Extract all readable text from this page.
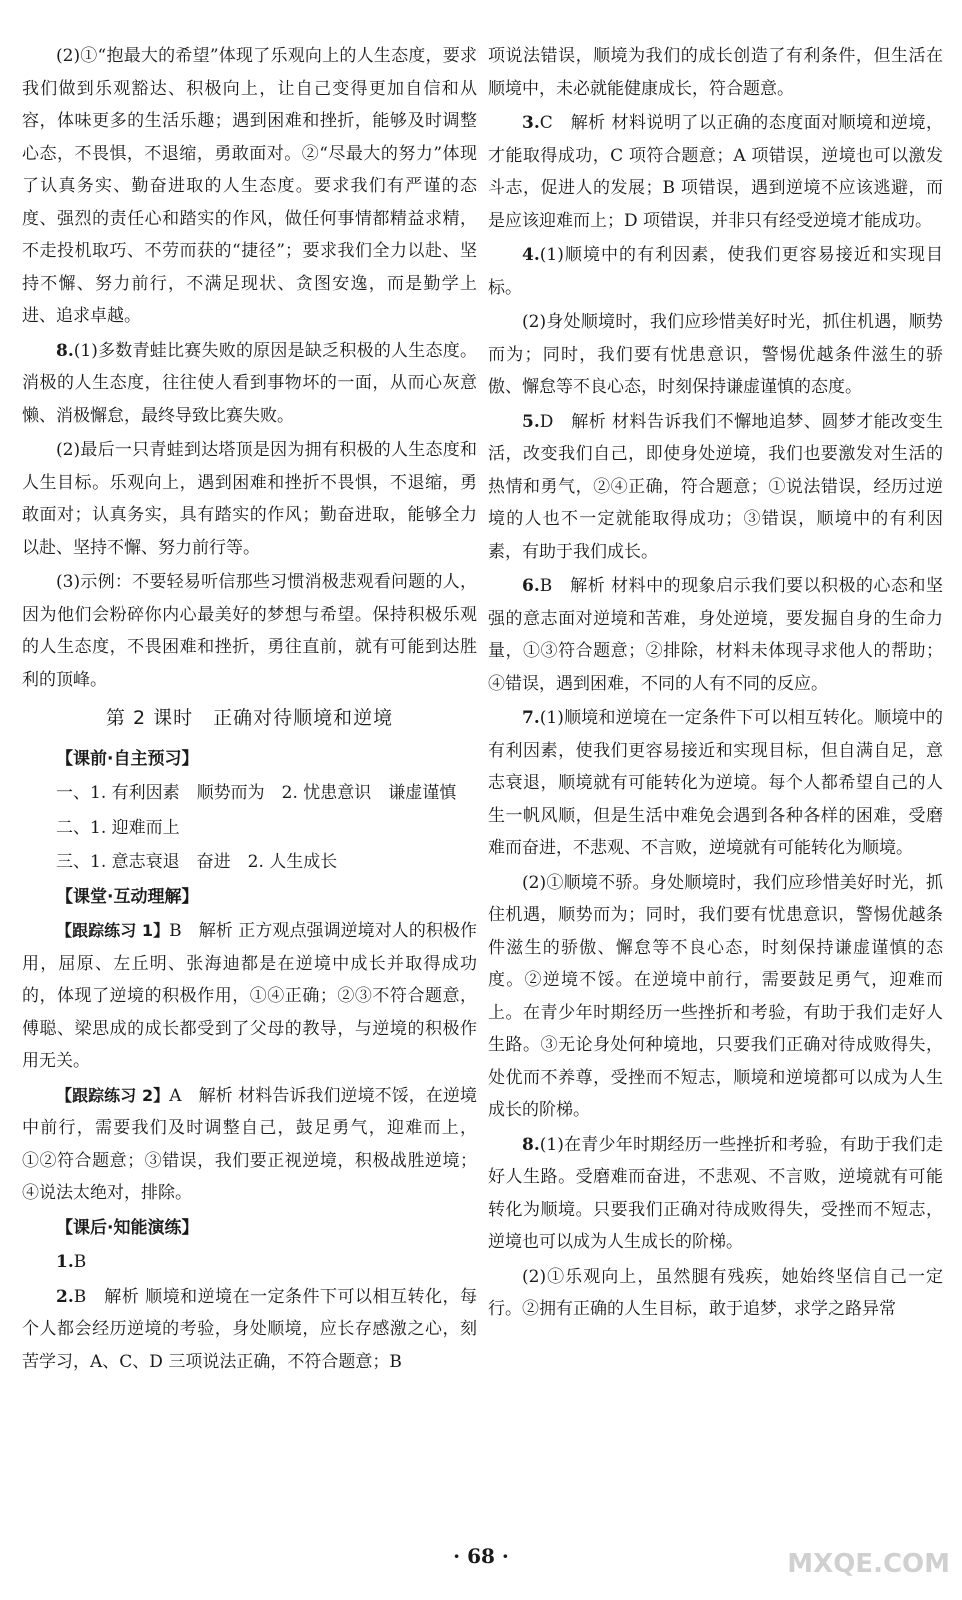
(2)①“抱最大的希望”体现了乐观向上的人生态度，要求我们做到乐观豁达、积极向上，让自己变得更加自信和从容，体味更多的生活乐趣；遇到困难和挫折，能够及时调整心态，不畏惧，不退缩，勇敢面对。②“尽最大的努力”体现了认真务实、勤奋进取的人生态度。要求我们有严谨的态度、强烈的责任心和踏实的作风，做任何事情都精益求精，不走投机取巧、不劳而获的“捷径”；要求我们全力以赴、坚持不懈、努力前行，不满足现状、贪图安逸，而是勤学上进、追求卓越。

8.(1)多数青蛙比赛失败的原因是缺乏积极的人生态度。消极的人生态度，往往使人看到事物坏的一面，从而心灰意懒、消极懈怠，最终导致比赛失败。

(2)最后一只青蛙到达塔顶是因为拥有积极的人生态度和人生目标。乐观向上，遇到困难和挫折不畏惧，不退缩，勇敢面对；认真务实，具有踏实的作风；勤奋进取，能够全力以赴、坚持不懈、努力前行等。

(3)示例：不要轻易听信那些习惯消极悲观看问题的人，因为他们会粉碎你内心最美好的梦想与希望。保持积极乐观的人生态度，不畏困难和挫折，勇往直前，就有可能到达胜利的顶峰。

第 2 课时　正确对待顺境和逆境

【课前·自主预习】

一、1. 有利因素　顺势而为　2. 忧患意识　谦虚谨慎

二、1. 迎难而上

三、1. 意志衰退　奋进　2. 人生成长

【课堂·互动理解】

【跟踪练习 1】B　解析 正方观点强调逆境对人的积极作用，屈原、左丘明、张海迪都是在逆境中成长并取得成功的，体现了逆境的积极作用，①④正确；②③不符合题意，傅聪、梁思成的成长都受到了父母的教导，与逆境的积极作用无关。

【跟踪练习 2】A　解析 材料告诉我们逆境不馁，在逆境中前行，需要我们及时调整自己，鼓足勇气，迎难而上，①②符合题意；③错误，我们要正视逆境，积极战胜逆境；④说法太绝对，排除。

【课后·知能演练】

1.B

2.B　解析 顺境和逆境在一定条件下可以相互转化，每个人都会经历逆境的考验，身处顺境，应长存感激之心，刻苦学习，A、C、D 三项说法正确，不符合题意；B

项说法错误，顺境为我们的成长创造了有利条件，但生活在顺境中，未必就能健康成长，符合题意。

3.C　解析 材料说明了以正确的态度面对顺境和逆境，才能取得成功，C 项符合题意；A 项错误，逆境也可以激发斗志，促进人的发展；B 项错误，遇到逆境不应该逃避，而是应该迎难而上；D 项错误，并非只有经受逆境才能成功。

4.(1)顺境中的有利因素，使我们更容易接近和实现目标。

(2)身处顺境时，我们应珍惜美好时光，抓住机遇，顺势而为；同时，我们要有忧患意识，警惕优越条件滋生的骄傲、懈怠等不良心态，时刻保持谦虚谨慎的态度。

5.D　解析 材料告诉我们不懈地追梦、圆梦才能改变生活，改变我们自己，即使身处逆境，我们也要激发对生活的热情和勇气，②④正确，符合题意；①说法错误，经历过逆境的人也不一定就能取得成功；③错误，顺境中的有利因素，有助于我们成长。

6.B　解析 材料中的现象启示我们要以积极的心态和坚强的意志面对逆境和苦难，身处逆境，要发掘自身的生命力量，①③符合题意；②排除，材料未体现寻求他人的帮助；④错误，遇到困难，不同的人有不同的反应。

7.(1)顺境和逆境在一定条件下可以相互转化。顺境中的有利因素，使我们更容易接近和实现目标，但自满自足，意志衰退，顺境就有可能转化为逆境。每个人都希望自己的人生一帆风顺，但是生活中难免会遇到各种各样的困难，受磨难而奋进，不悲观、不言败，逆境就有可能转化为顺境。

(2)①顺境不骄。身处顺境时，我们应珍惜美好时光，抓住机遇，顺势而为；同时，我们要有忧患意识，警惕优越条件滋生的骄傲、懈怠等不良心态，时刻保持谦虚谨慎的态度。②逆境不馁。在逆境中前行，需要鼓足勇气，迎难而上。在青少年时期经历一些挫折和考验，有助于我们走好人生路。③无论身处何种境地，只要我们正确对待成败得失，处优而不养尊，受挫而不短志，顺境和逆境都可以成为人生成长的阶梯。

8.(1)在青少年时期经历一些挫折和考验，有助于我们走好人生路。受磨难而奋进，不悲观、不言败，逆境就有可能转化为顺境。只要我们正确对待成败得失，受挫而不短志，逆境也可以成为人生成长的阶梯。

(2)①乐观向上，虽然腿有残疾，她始终坚信自己一定行。②拥有正确的人生目标，敢于追梦，求学之路异常

· 68 ·	MXQE.COM
